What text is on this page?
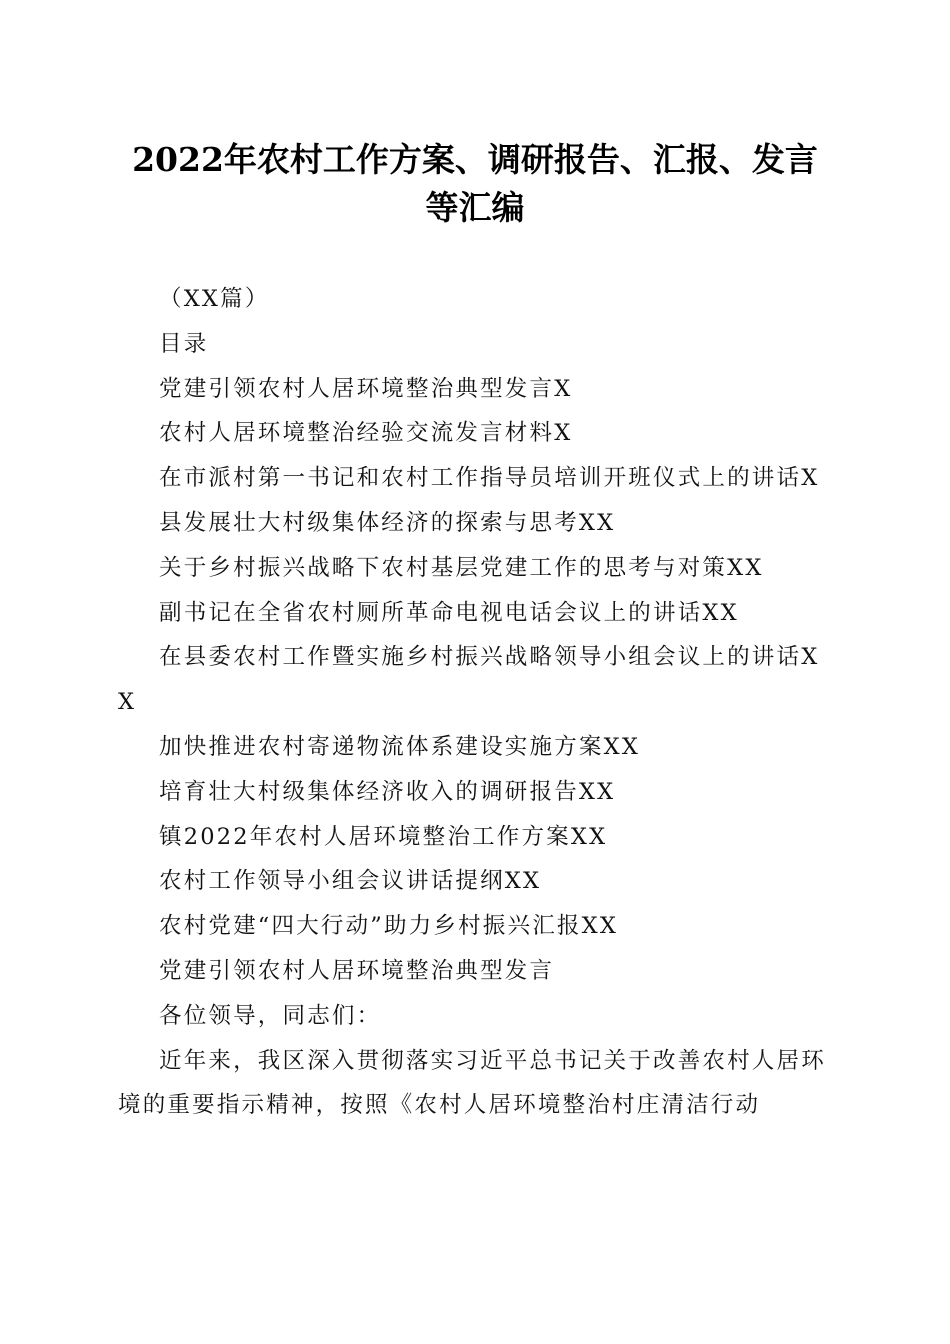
2022年农村工作方案、调研报告、汇报、发言等汇编

（XX篇）

目录

党建引领农村人居环境整治典型发言X

农村人居环境整治经验交流发言材料X

在市派村第一书记和农村工作指导员培训开班仪式上的讲话X

县发展壮大村级集体经济的探索与思考XX

关于乡村振兴战略下农村基层党建工作的思考与对策XX

副书记在全省农村厕所革命电视电话会议上的讲话XX

在县委农村工作暨实施乡村振兴战略领导小组会议上的讲话XX

加快推进农村寄递物流体系建设实施方案XX

培育壮大村级集体经济收入的调研报告XX

镇2022年农村人居环境整治工作方案XX

农村工作领导小组会议讲话提纲XX

农村党建“四大行动”助力乡村振兴汇报XX

党建引领农村人居环境整治典型发言

各位领导，同志们：

近年来，我区深入贯彻落实习近平总书记关于改善农村人居环境的重要指示精神，按照《农村人居环境整治村庄清洁行动
